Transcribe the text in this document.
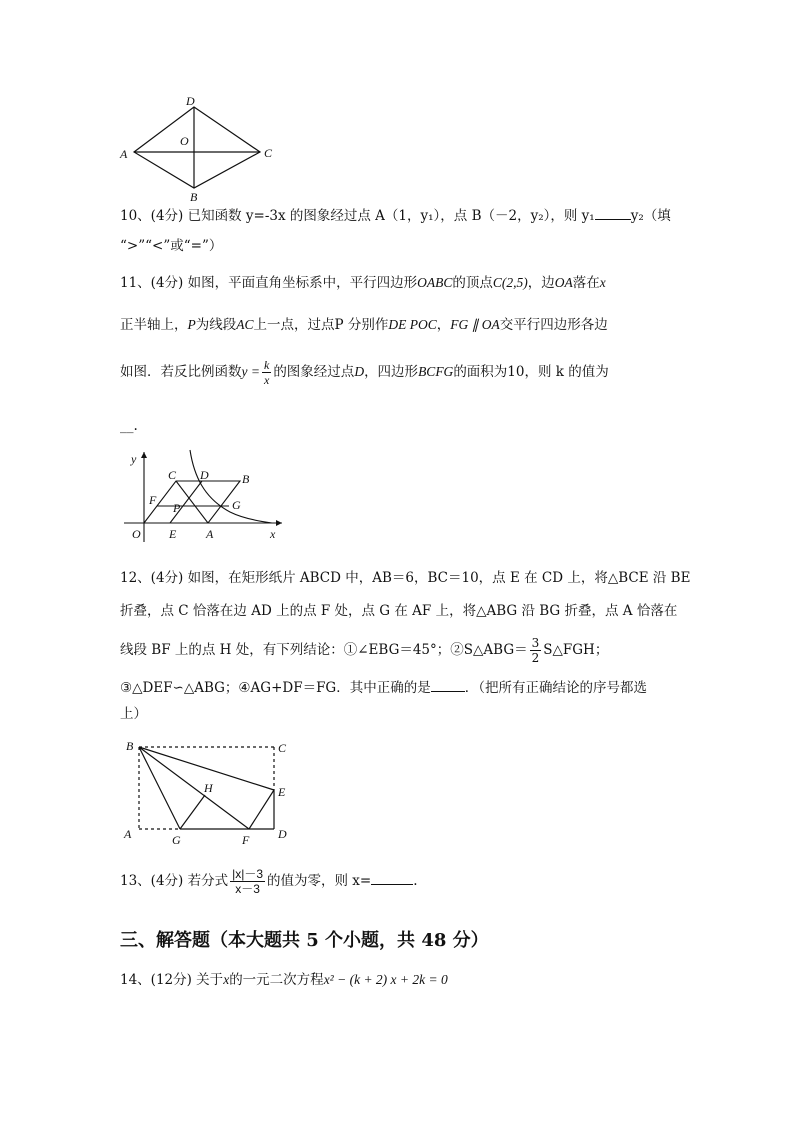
D
O
A	C
B
10、(4分) 已知函数 y=-3x 的图象经过点 A（1，y₁），点 B（－2，y₂），则 y₁	y₂（填
“>”“<”或“=”）
11、(4分) 如图，平面直角坐标系中，平行四边形OABC的顶点C(2,5)，边OA落在x
正半轴上，P为线段AC上一点，过点P 分别作DE POC，FG ∥ OA交平行四边形各边
如图．若反比例函数$y = \frac{k}{x}$ 的图象经过点D，四边形BCFG的面积为10，则 k 的值为
__.
y
x
O
C D	B
F
P	G
E A
12、(4分) 如图，在矩形纸片 ABCD 中，AB＝6，BC＝10，点 E 在 CD 上，将△BCE 沿 BE
折叠，点 C 恰落在边 AD 上的点 F 处，点 G 在 AF 上，将△ABG 沿 BG 折叠，点 A 恰落在
线段 BF 上的点 H 处，有下列结论：①∠EBG＝45°；②S△ABG＝ $\frac{3}{2}$ S△FGH；
③△DEF∽△ABG；④AG+DF＝FG．其中正确的是	．（把所有正确结论的序号都选
上）
B	C
H	E
A	G	F D
13、(4分) 若分式 $\frac{|x|-3}{x-3}$ 的值为零，则 x=	.
三、解答题（本大题共 5 个小题，共 48 分）
14、(12分) 关于x的一元二次方程x² − (k + 2) x + 2k = 0
